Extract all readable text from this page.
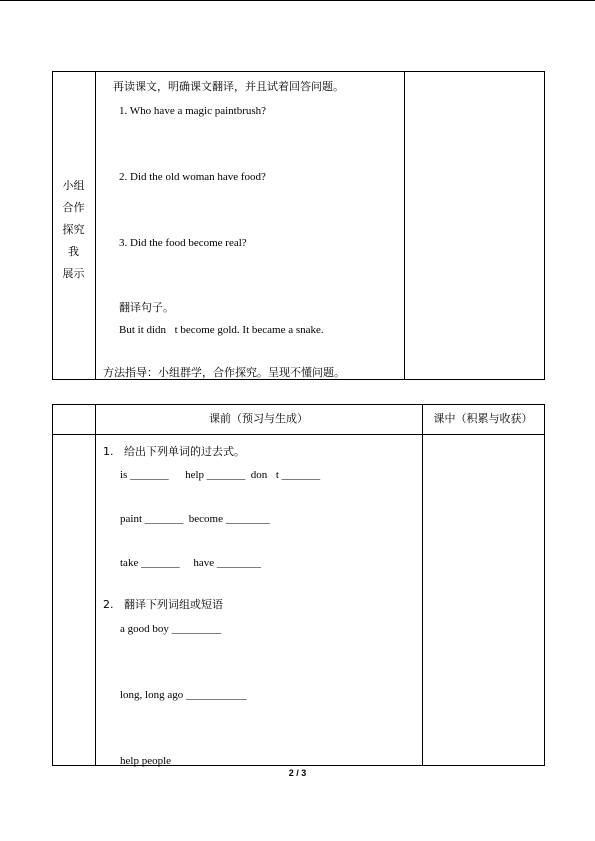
小组
合作
探究
我
展示
再读课文，明确课文翻译，并且试着回答问题。
1. Who have a magic paintbrush?
2. Did the old woman have food?
3. Did the food become real?
翻译句子。
But it didn t become gold. It became a snake.
方法指导：小组群学，合作探究。呈现不懂问题。
课前（预习与生成）	课中（积累与收获）
1.   给出下列单词的过去式。
is _______      help _______  don t _______
paint _______  become ________
take _______     have ________
2.   翻译下列词组或短语
a good boy _________
long, long ago ___________
help people ___________
2 / 3
